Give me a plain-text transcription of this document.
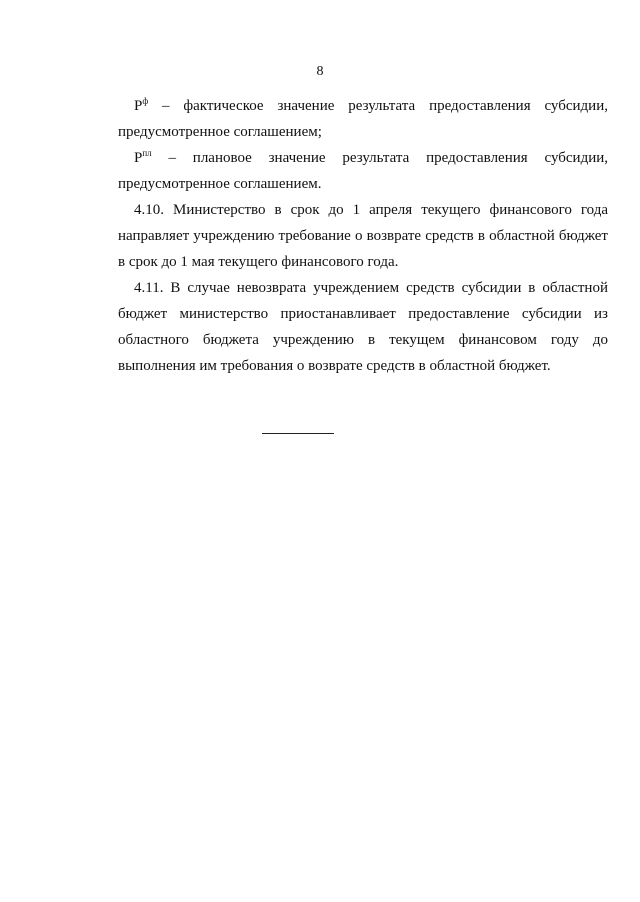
8

$Р^ф$ – фактическое значение результата предоставления субсидии, предусмотренное соглашением;

$Р^{пл}$ – плановое значение результата предоставления субсидии, предусмотренное соглашением.

4.10. Министерство в срок до 1 апреля текущего финансового года направляет учреждению требование о возврате средств в областной бюджет в срок до 1 мая текущего финансового года.

4.11. В случае невозврата учреждением средств субсидии в областной бюджет министерство приостанавливает предоставление субсидии из областного бюджета учреждению в текущем финансовом году до выполнения им требования о возврате средств в областной бюджет.
